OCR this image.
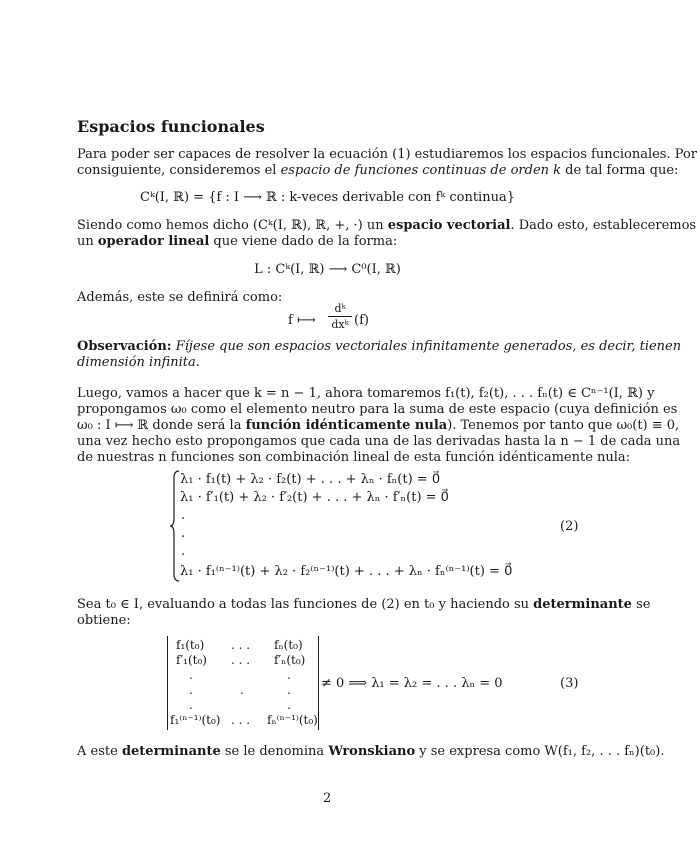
Espacios funcionales
Para poder ser capaces de resolver la ecuación (1) estudiaremos los espacios funcionales. Por
consiguiente, consideremos el espacio de funciones continuas de orden k de tal forma que:
Cᵏ(I, ℝ) = {f : I ⟶ ℝ : k-veces derivable con fᵏ continua}
Siendo como hemos dicho (Cᵏ(I, ℝ), ℝ, +, ·) un espacio vectorial. Dado esto, estableceremos
un operador lineal que viene dado de la forma:
L : Cᵏ(I, ℝ) ⟶ C⁰(I, ℝ)
Además, este se definirá como:
f ⟼
dᵏ
dxᵏ (f)
Observación: Fíjese que son espacios vectoriales infinitamente generados, es decir, tienen
dimensión infinita.
Luego, vamos a hacer que k = n − 1, ahora tomaremos f₁(t), f₂(t), . . . fₙ(t) ∈ Cⁿ⁻¹(I, ℝ) y
propongamos ω₀ como el elemento neutro para la suma de este espacio (cuya definición es
ω₀ : I ⟼ ℝ donde será la función idénticamente nula). Tenemos por tanto que ω₀(t) ≡ 0,
una vez hecho esto propongamos que cada una de las derivadas hasta la n − 1 de cada una
de nuestras n funciones son combinación lineal de esta función idénticamente nula:
λ₁ · f₁(t) + λ₂ · f₂(t) + . . . + λₙ · fₙ(t) = 0⃗
λ₁ · f′₁(t) + λ₂ · f′₂(t) + . . . + λₙ · f′ₙ(t) = 0⃗
.
.
.
λ₁ · f₁⁽ⁿ⁻¹⁾(t) + λ₂ · f₂⁽ⁿ⁻¹⁾(t) + . . . + λₙ · fₙ⁽ⁿ⁻¹⁾(t) = 0⃗
(2)
Sea t₀ ∈ I, evaluando a todas las funciones de (2) en t₀ y haciendo su determinante se
obtiene:
f₁(t₀) . . . fₙ(t₀)
f′₁(t₀) . . . f′ₙ(t₀)
.	.
.	.	.
.	.
f₁⁽ⁿ⁻¹⁾(t₀) . . . fₙ⁽ⁿ⁻¹⁾(t₀)
≠ 0 ⟹ λ₁ = λ₂ = . . . λₙ = 0	(3)
A este determinante se le denomina Wronskiano y se expresa como W(f₁, f₂, . . . fₙ)(t₀).
2
